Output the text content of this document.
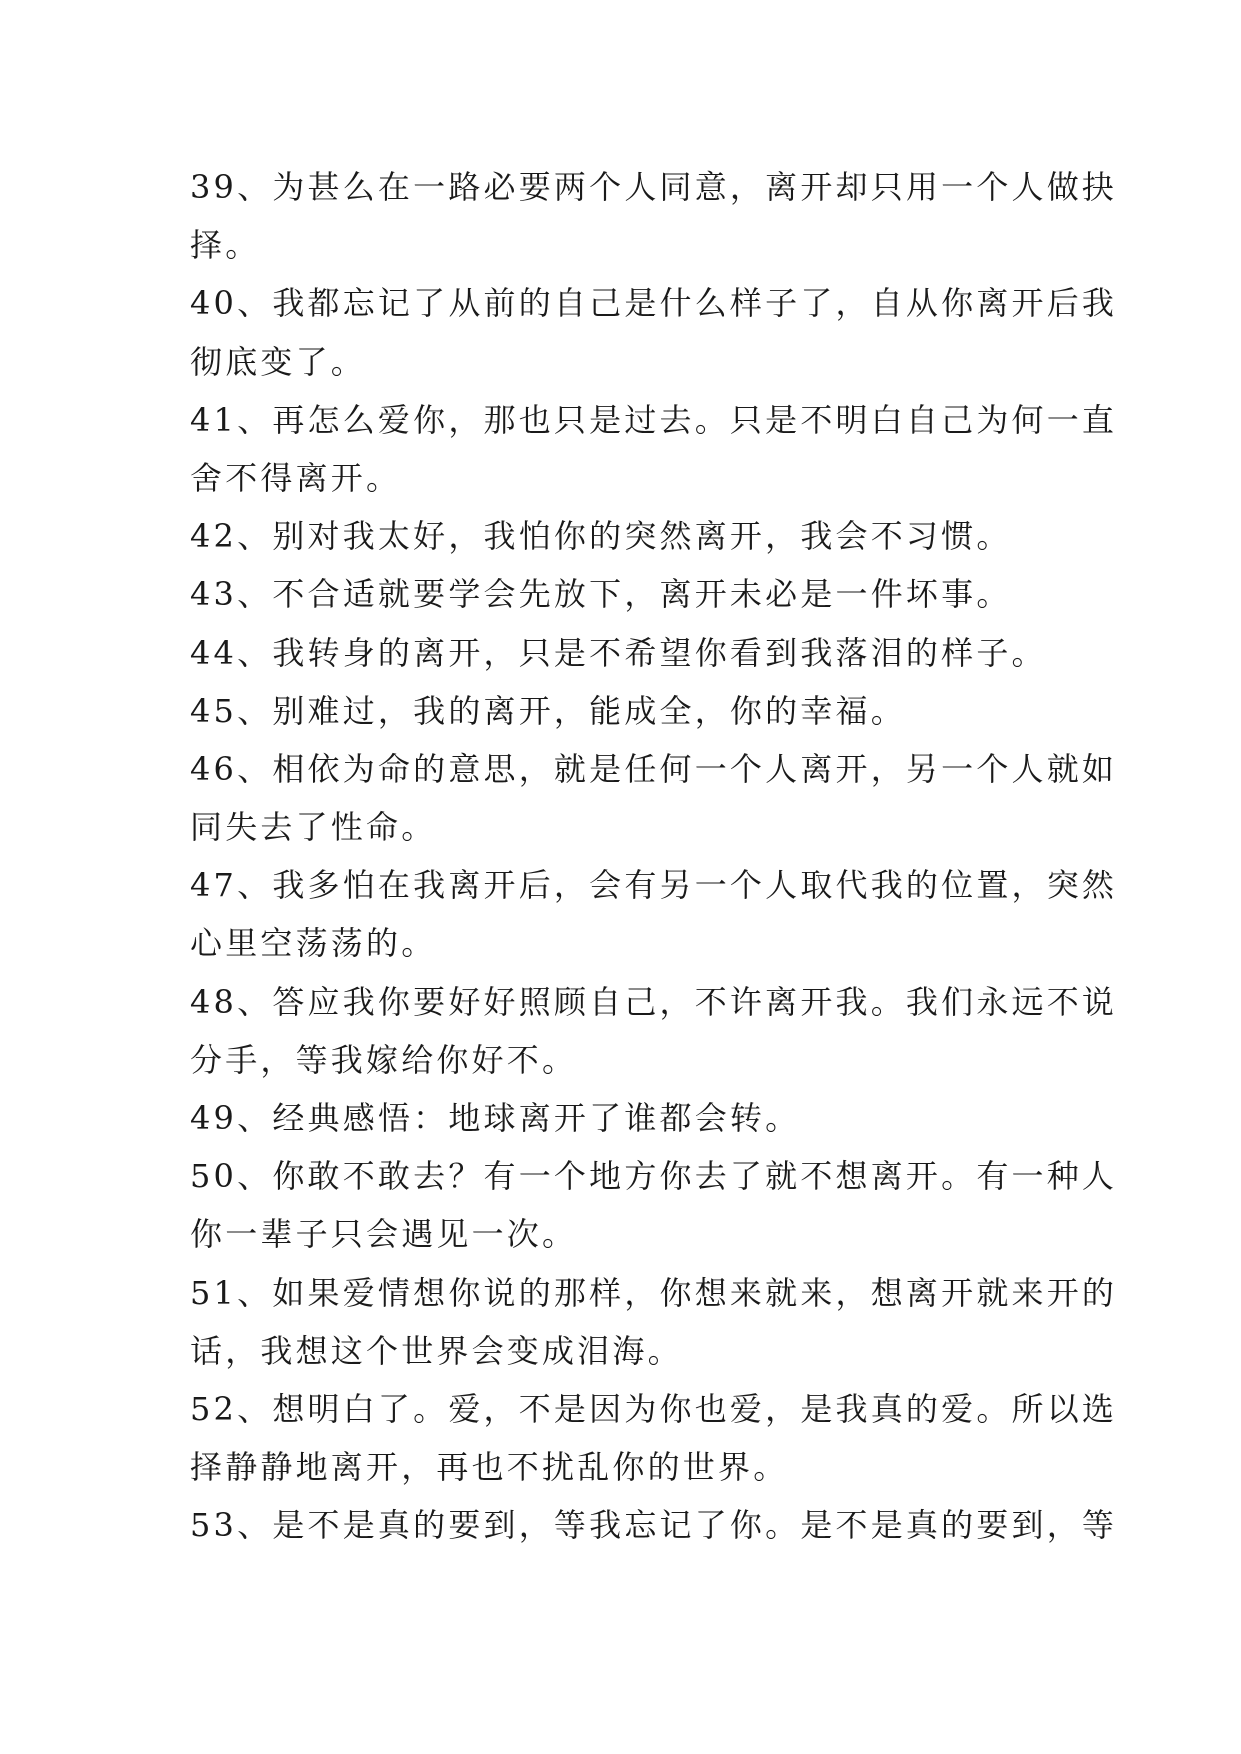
39、为甚么在一路必要两个人同意，离开却只用一个人做抉

择。

40、我都忘记了从前的自己是什么样子了，自从你离开后我

彻底变了。

41、再怎么爱你，那也只是过去。只是不明白自己为何一直

舍不得离开。

42、别对我太好，我怕你的突然离开，我会不习惯。

43、不合适就要学会先放下，离开未必是一件坏事。

44、我转身的离开，只是不希望你看到我落泪的样子。

45、别难过，我的离开，能成全，你的幸福。

46、相依为命的意思，就是任何一个人离开，另一个人就如

同失去了性命。

47、我多怕在我离开后，会有另一个人取代我的位置，突然

心里空荡荡的。

48、答应我你要好好照顾自己，不许离开我。我们永远不说

分手，等我嫁给你好不。

49、经典感悟：地球离开了谁都会转。

50、你敢不敢去？有一个地方你去了就不想离开。有一种人

你一辈子只会遇见一次。

51、如果爱情想你说的那样，你想来就来，想离开就来开的

话，我想这个世界会变成泪海。

52、想明白了。爱，不是因为你也爱，是我真的爱。所以选

择静静地离开，再也不扰乱你的世界。

53、是不是真的要到，等我忘记了你。是不是真的要到，等
